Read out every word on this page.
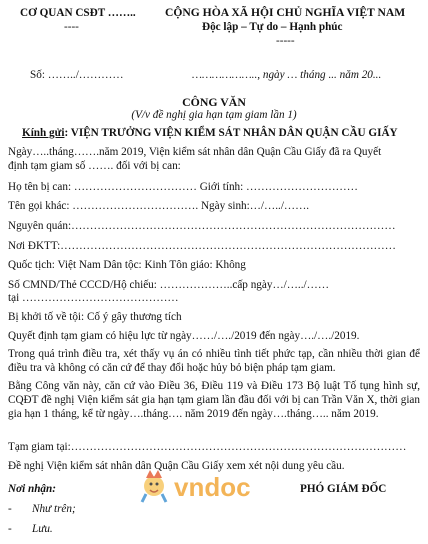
CƠ QUAN CSĐT ……..
----
CỘNG HÒA XÃ HỘI CHỦ NGHĨA VIỆT NAM
Độc lập – Tự do – Hạnh phúc
-----
Số: ……../…………	……………….., ngày … tháng ... năm 20...
CÔNG VĂN
(V/v đề nghị gia hạn tạm giam lần 1)
Kính gửi: VIỆN TRƯỞNG VIỆN KIỂM SÁT NHÂN DÂN QUẬN CẦU GIẤY
Ngày…..tháng…….năm 2019, Viện kiểm sát nhân dân Quận Cầu Giấy đã ra Quyết
định tạm giam số ……. đối với bị can:
Họ tên bị can: …………………………… Giới tính: …………………………
Tên gọi khác: ……………………………. Ngày sinh:…/…../…….
Nguyên quán:……………………………………………………………………………
Nơi ĐKTT:………………………………………………………………………………
Quốc tịch: Việt Nam Dân tộc: Kinh Tôn giáo: Không
Số CMND/Thẻ CCCD/Hộ chiếu: ………………..cấp ngày…/…../……
tại ……………………………………
Bị khởi tố về tội: Cố ý gây thương tích
Quyết định tạm giam có hiệu lực từ ngày……/…./2019 đến ngày…./…./2019.
Trong quá trình điều tra, xét thấy vụ án có nhiều tình tiết phức tạp, cần nhiều thời gian để điều tra và không có căn cứ để thay đổi hoặc hủy bỏ biện pháp tạm giam.
Bằng Công văn này, căn cứ vào Điều 36, Điều 119 và Điều 173 Bộ luật Tố tụng hình sự, CQĐT đề nghị Viện kiểm sát gia hạn tạm giam lần đầu đối với bị can Trần Văn X, thời gian gia hạn 1 tháng, kể từ ngày….tháng…. năm 2019 đến ngày….tháng….. năm 2019.
Tạm giam tại:………………………………………………………………………………
Đề nghị Viện kiểm sát nhân dân Quận Cầu Giấy xem xét nội dung yêu cầu.
Nơi nhận:
- Như trên;
- Lưu.
PHÓ GIÁM ĐỐC
vndoc
